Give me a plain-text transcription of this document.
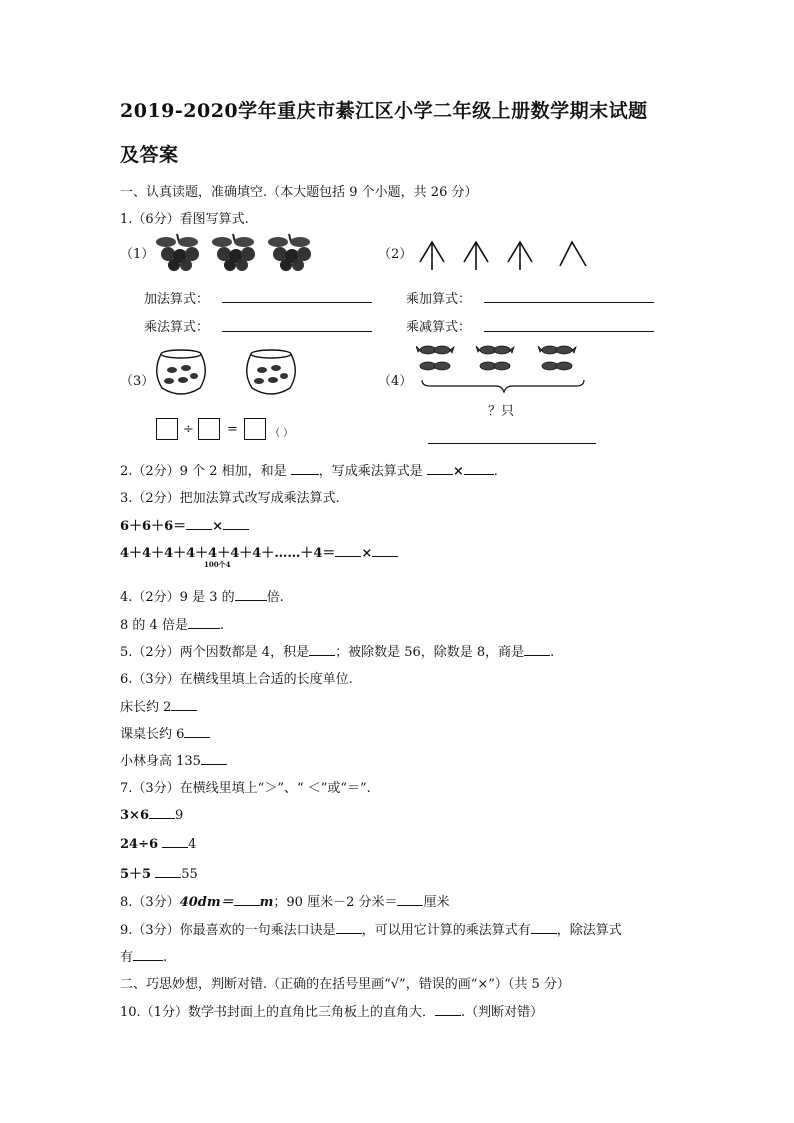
2019-2020学年重庆市綦江区小学二年级上册数学期末试题
及答案
一、认真读题，准确填空.（本大题包括 9 个小题，共 26 分）
1.（6分）看图写算式.
（1）
加法算式：
乘法算式：
（2）
乘加算式：
乘减算式：
（3）
÷	=	（ ）
（4）
？只
2.（2分）9 个 2 相加，和是 ，写成乘法算式是 × .
3.（2分）把加法算式改写成乘法算式.
6＋6＋6＝ ×
4＋4＋4＋4＋4＋4＋4＋……＋4＝ ×
100个4
4.（2分）9 是 3 的 倍.
8 的 4 倍是 .
5.（2分）两个因数都是 4，积是 ；被除数是 56，除数是 8，商是 .
6.（3分）在横线里填上合适的长度单位.
床长约 2
课桌长约 6
小林身高 135
7.（3分）在横线里填上“＞”、“ ＜”或“＝”.
3×6 9
24÷6 4
5＋5 55
8.（3分）40dm＝ m；90 厘米－2 分米＝ 厘米
9.（3分）你最喜欢的一句乘法口诀是 ，可以用它计算的乘法算式有 ，除法算式
有 .
二、巧思妙想，判断对错.（正确的在括号里画“√”，错误的画“×”）（共 5 分）
10.（1分）数学书封面上的直角比三角板上的直角大． .（判断对错）
